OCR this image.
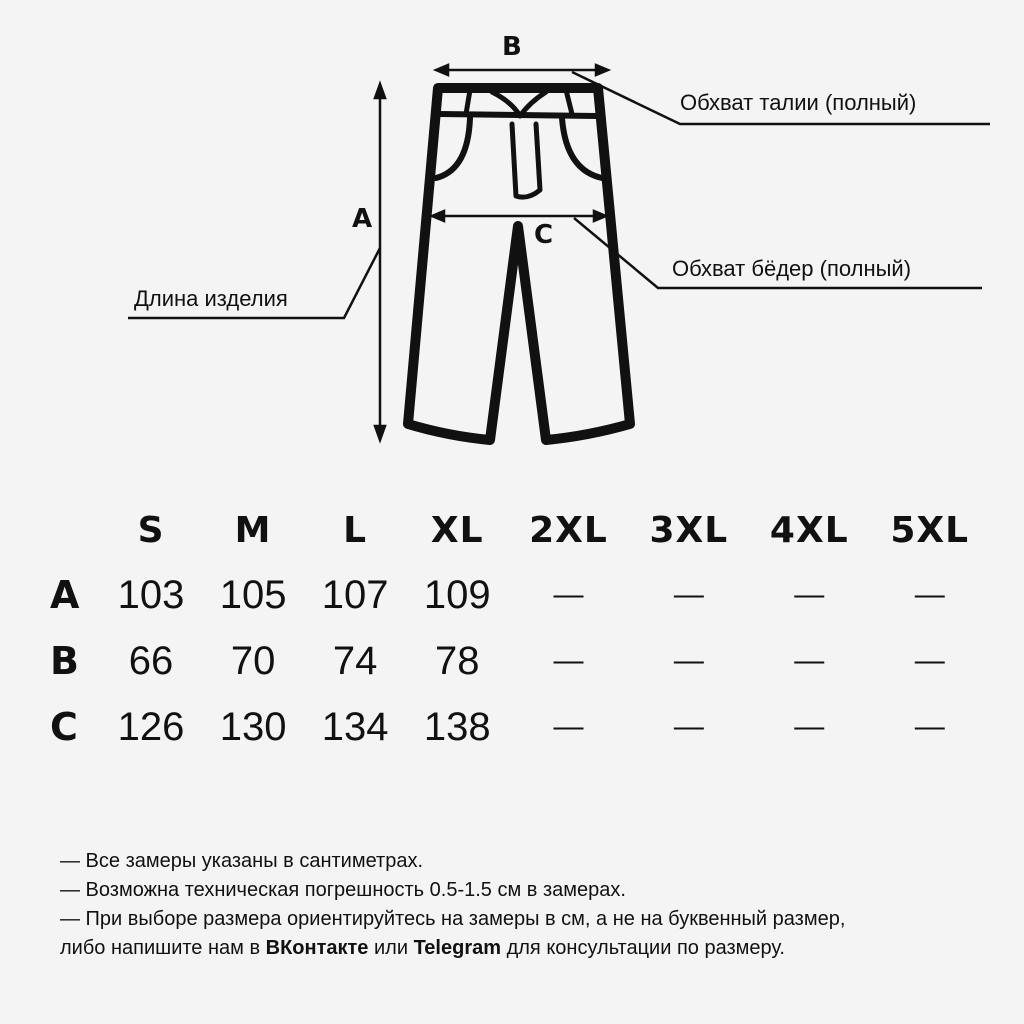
B
A
C
Обхват талии (полный)
Обхват бёдер (полный)
Длина изделия
	S	M	L	XL	2XL	3XL	4XL	5XL
A	103	105	107	109	—	—	—	—
B	66	70	74	78	—	—	—	—
C	126	130	134	138	—	—	—	—

— Все замеры указаны в сантиметрах.

— Возможна техническая погрешность 0.5-1.5 см в замерах.

— При выборе размера ориентируйтесь на замеры в см, а не на буквенный размер,

либо напишите нам в ВКонтакте или Telegram для консультации по размеру.
